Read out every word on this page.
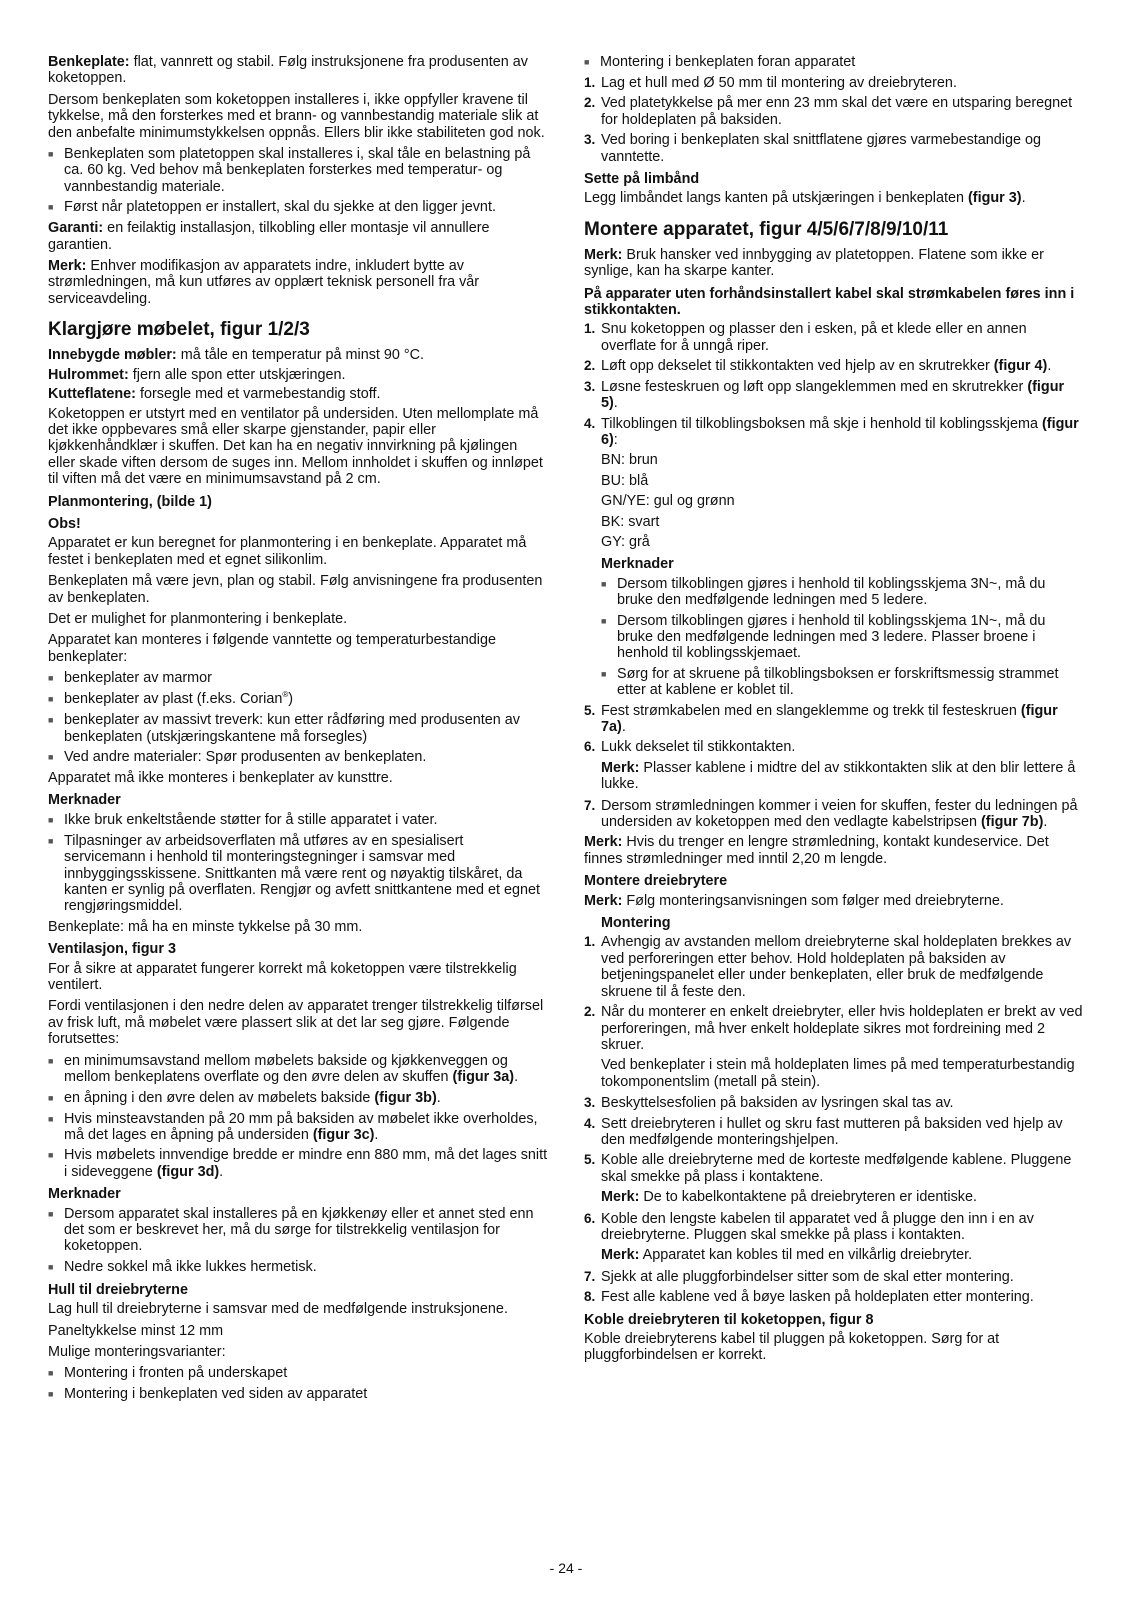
Benkeplate: flat, vannrett og stabil. Følg instruksjonene fra produsenten av koketoppen.

Dersom benkeplaten som koketoppen installeres i, ikke oppfyller kravene til tykkelse, må den forsterkes med et brann- og vannbestandig materiale slik at den anbefalte minimumstykkelsen oppnås. Ellers blir ikke stabiliteten god nok.

■ Benkeplaten som platetoppen skal installeres i, skal tåle en belastning på ca. 60 kg. Ved behov må benkeplaten forsterkes med temperatur- og vannbestandig materiale.
■ Først når platetoppen er installert, skal du sjekke at den ligger jevnt.

Garanti: en feilaktig installasjon, tilkobling eller montasje vil annullere garantien.

Merk: Enhver modifikasjon av apparatets indre, inkludert bytte av strømledningen, må kun utføres av opplært teknisk personell fra vår serviceavdeling.

Klargjøre møbelet, figur 1/2/3

Innebygde møbler: må tåle en temperatur på minst 90 °C.

Hulrommet: fjern alle spon etter utskjæringen.

Kutteflatene: forsegle med et varmebestandig stoff.

Koketoppen er utstyrt med en ventilator på undersiden. Uten mellomplate må det ikke oppbevares små eller skarpe gjenstander, papir eller kjøkkenhåndklær i skuffen. Det kan ha en negativ innvirkning på kjølingen eller skade viften dersom de suges inn. Mellom innholdet i skuffen og innløpet til viften må det være en minimumsavstand på 2 cm.

Planmontering, (bilde 1)
Obs!

Apparatet er kun beregnet for planmontering i en benkeplate. Apparatet må festet i benkeplaten med et egnet silikonlim.

Benkeplaten må være jevn, plan og stabil. Følg anvisningene fra produsenten av benkeplaten.

Det er mulighet for planmontering i benkeplate.

Apparatet kan monteres i følgende vanntette og temperaturbestandige benkeplater:

■ benkeplater av marmor
■ benkeplater av plast (f.eks. Corian®)
■ benkeplater av massivt treverk: kun etter rådføring med produsenten av benkeplaten (utskjæringskantene må forsegles)
■ Ved andre materialer: Spør produsenten av benkeplaten.

Apparatet må ikke monteres i benkeplater av kunsttre.

Merknader
■ Ikke bruk enkeltstående støtter for å stille apparatet i vater.
■ Tilpasninger av arbeidsoverflaten må utføres av en spesialisert servicemann i henhold til monteringstegninger i samsvar med innbyggingsskissene. Snittkanten må være rent og nøyaktig tilskåret, da kanten er synlig på overflaten. Rengjør og avfett snittkantene med et egnet rengjøringsmiddel.

Benkeplate: må ha en minste tykkelse på 30 mm.

Ventilasjon, figur 3

For å sikre at apparatet fungerer korrekt må koketoppen være tilstrekkelig ventilert.

Fordi ventilasjonen i den nedre delen av apparatet trenger tilstrekkelig tilførsel av frisk luft, må møbelet være plassert slik at det lar seg gjøre. Følgende forutsettes:

■ en minimumsavstand mellom møbelets bakside og kjøkkenveggen og mellom benkeplatens overflate og den øvre delen av skuffen (figur 3a).
■ en åpning i den øvre delen av møbelets bakside (figur 3b).
■ Hvis minsteavstanden på 20 mm på baksiden av møbelet ikke overholdes, må det lages en åpning på undersiden (figur 3c).
■ Hvis møbelets innvendige bredde er mindre enn 880 mm, må det lages snitt i sideveggene (figur 3d).
Merknader
■ Dersom apparatet skal installeres på en kjøkkenøy eller et annet sted enn det som er beskrevet her, må du sørge for tilstrekkelig ventilasjon for koketoppen.
■ Nedre sokkel må ikke lukkes hermetisk.
Hull til dreiebryterne

Lag hull til dreiebryterne i samsvar med de medfølgende instruksjonene.

Paneltykkelse minst 12 mm

Mulige monteringsvarianter:

■ Montering i fronten på underskapet
■ Montering i benkeplaten ved siden av apparatet
■ Montering i benkeplaten foran apparatet
1. Lag et hull med Ø 50 mm til montering av dreiebryteren.
2. Ved platetykkelse på mer enn 23 mm skal det være en utsparing beregnet for holdeplaten på baksiden.
3. Ved boring i benkeplaten skal snittflatene gjøres varmebestandige og vanntette.
Sette på limbånd

Legg limbåndet langs kanten på utskjæringen i benkeplaten (figur 3).

Montere apparatet, figur 4/5/6/7/8/9/10/11

Merk: Bruk hansker ved innbygging av platetoppen. Flatene som ikke er synlige, kan ha skarpe kanter.

På apparater uten forhåndsinstallert kabel skal strømkabelen føres inn i stikkontakten.
1. Snu koketoppen og plasser den i esken, på et klede eller en annen overflate for å unngå riper.
2. Løft opp dekselet til stikkontakten ved hjelp av en skrutrekker (figur 4).
3. Løsne festeskruen og løft opp slangeklemmen med en skrutrekker (figur 5).
4. Tilkoblingen til tilkoblingsboksen må skje i henhold til koblingsskjema (figur 6):
BN: brun
BU: blå
GN/YE: gul og grønn
BK: svart
GY: grå
Merknader
■ Dersom tilkoblingen gjøres i henhold til koblingsskjema 3N~, må du bruke den medfølgende ledningen med 5 ledere.
■ Dersom tilkoblingen gjøres i henhold til koblingsskjema 1N~, må du bruke den medfølgende ledningen med 3 ledere. Plasser broene i henhold til koblingsskjemaet.
■ Sørg for at skruene på tilkoblingsboksen er forskriftsmessig strammet etter at kablene er koblet til.
5. Fest strømkabelen med en slangeklemme og trekk til festeskruen (figur 7a).
6. Lukk dekselet til stikkontakten.

Merk: Plasser kablene i midtre del av stikkontakten slik at den blir lettere å lukke.

7. Dersom strømledningen kommer i veien for skuffen, fester du ledningen på undersiden av koketoppen med den vedlagte kabelstripsen (figur 7b).

Merk: Hvis du trenger en lengre strømledning, kontakt kundeservice. Det finnes strømledninger med inntil 2,20 m lengde.

Montere dreiebrytere

Merk: Følg monteringsanvisningen som følger med dreiebryterne.

Montering
1. Avhengig av avstanden mellom dreiebryterne skal holdeplaten brekkes av ved perforeringen etter behov. Hold holdeplaten på baksiden av betjeningspanelet eller under benkeplaten, eller bruk de medfølgende skruene til å feste den.
2. Når du monterer en enkelt dreiebryter, eller hvis holdeplaten er brekt av ved perforeringen, må hver enkelt holdeplate sikres mot fordreining med 2 skruer.

Ved benkeplater i stein må holdeplaten limes på med temperaturbestandig tokomponentslim (metall på stein).

3. Beskyttelsesfolien på baksiden av lysringen skal tas av.
4. Sett dreiebryteren i hullet og skru fast mutteren på baksiden ved hjelp av den medfølgende monteringshjelpen.
5. Koble alle dreiebryterne med de korteste medfølgende kablene. Pluggene skal smekke på plass i kontaktene.

Merk: De to kabelkontaktene på dreiebryteren er identiske.

6. Koble den lengste kabelen til apparatet ved å plugge den inn i en av dreiebryterne. Pluggen skal smekke på plass i kontakten.

Merk: Apparatet kan kobles til med en vilkårlig dreiebryter.

7. Sjekk at alle pluggforbindelser sitter som de skal etter montering.
8. Fest alle kablene ved å bøye lasken på holdeplaten etter montering.
Koble dreiebryteren til koketoppen, figur 8

Koble dreiebryterens kabel til pluggen på koketoppen. Sørg for at pluggforbindelsen er korrekt.

- 24 -
